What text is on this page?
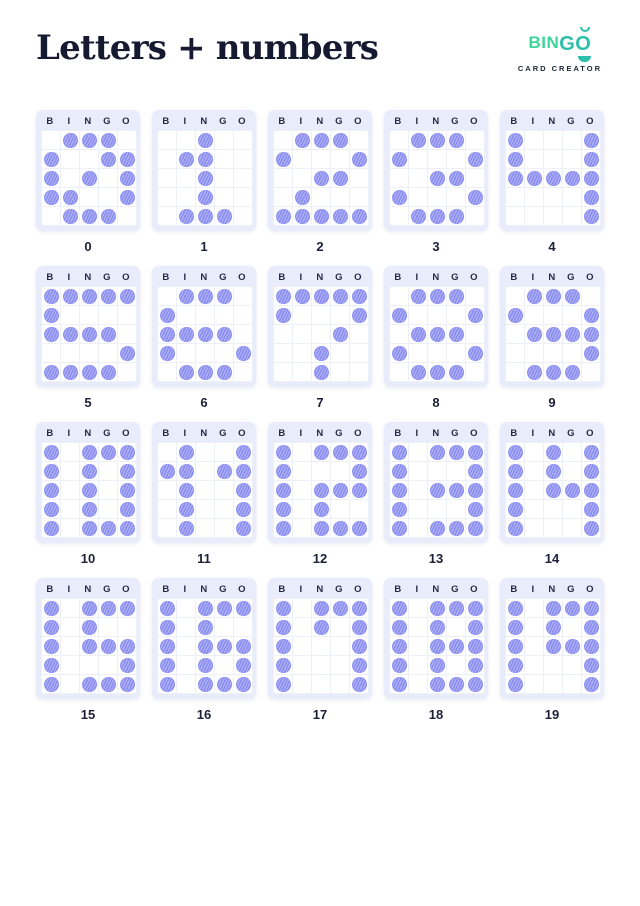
Letters + numbers	BINGO
CARD CREATOR
B	I	N	G	O
0
B	I	N	G	O
1
B	I	N	G	O
2
B	I	N	G	O
3
B	I	N	G	O
4
B	I	N	G	O
5
B	I	N	G	O
6
B	I	N	G	O
7
B	I	N	G	O
8
B	I	N	G	O
9
B	I	N	G	O
10
B	I	N	G	O
11
B	I	N	G	O
12
B	I	N	G	O
13
B	I	N	G	O
14
B	I	N	G	O
15
B	I	N	G	O
16
B	I	N	G	O
17
B	I	N	G	O
18
B	I	N	G	O
19
